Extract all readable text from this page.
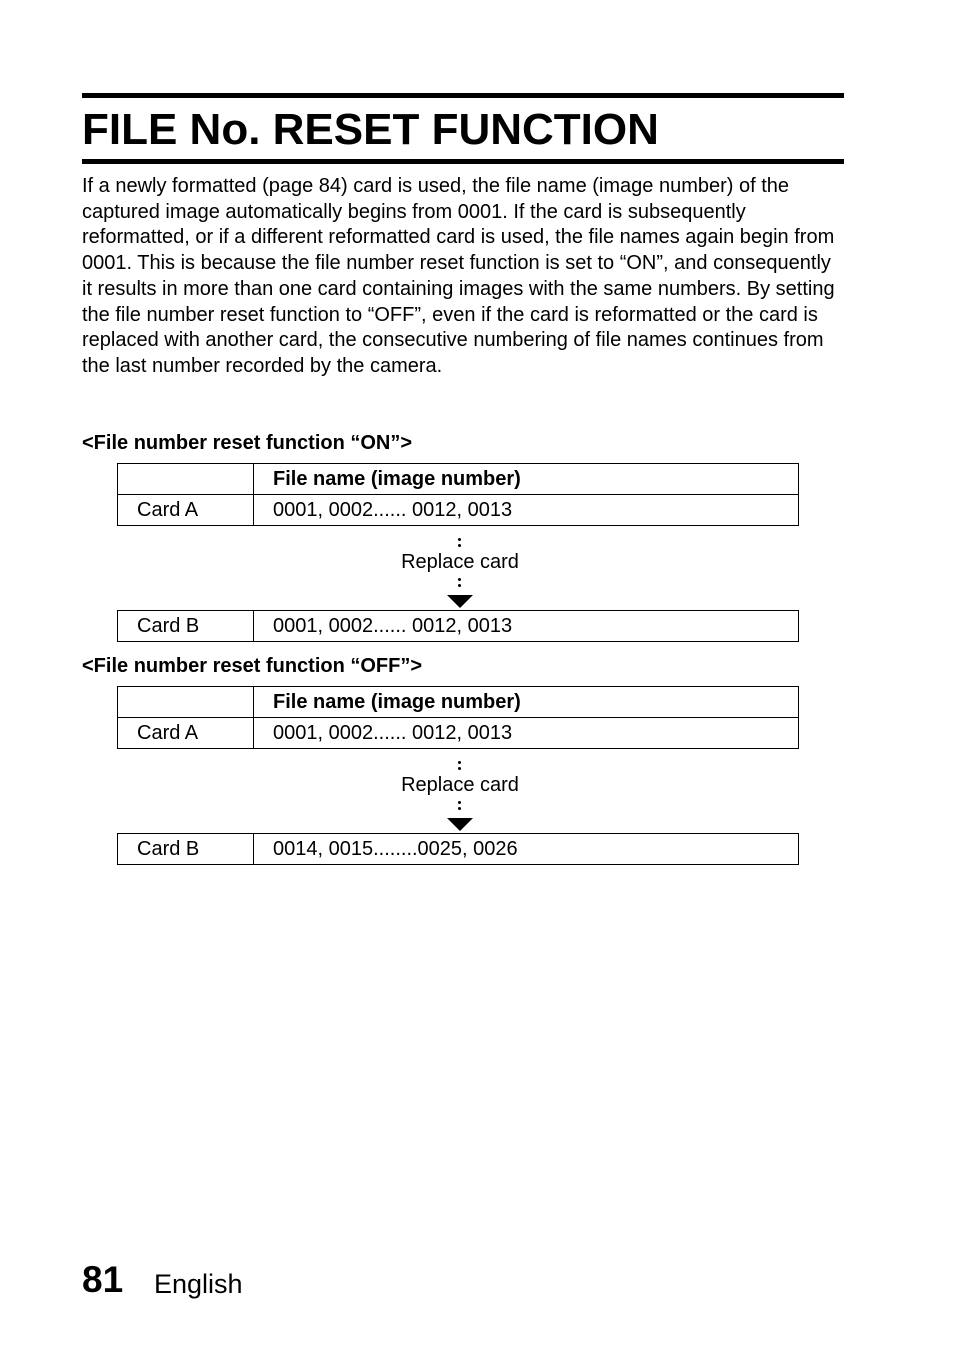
FILE No. RESET FUNCTION

If a newly formatted (page 84) card is used, the file name (image number) of the captured image automatically begins from 0001. If the card is subsequently reformatted, or if a different reformatted card is used, the file names again begin from 0001. This is because the file number reset function is set to “ON”, and consequently it results in more than one card containing images with the same numbers. By setting the file number reset function to “OFF”, even if the card is reformatted or the card is replaced with another card, the consecutive numbering of file names continues from the last number recorded by the camera.

<File number reset function “ON”>

	File name (image number)
Card A	0001, 0002...... 0012, 0013
Replace card
Card B	0001, 0002...... 0012, 0013

<File number reset function “OFF”>

	File name (image number)
Card A	0001, 0002...... 0012, 0013
Replace card
Card B	0014, 0015........0025, 0026

81 English
